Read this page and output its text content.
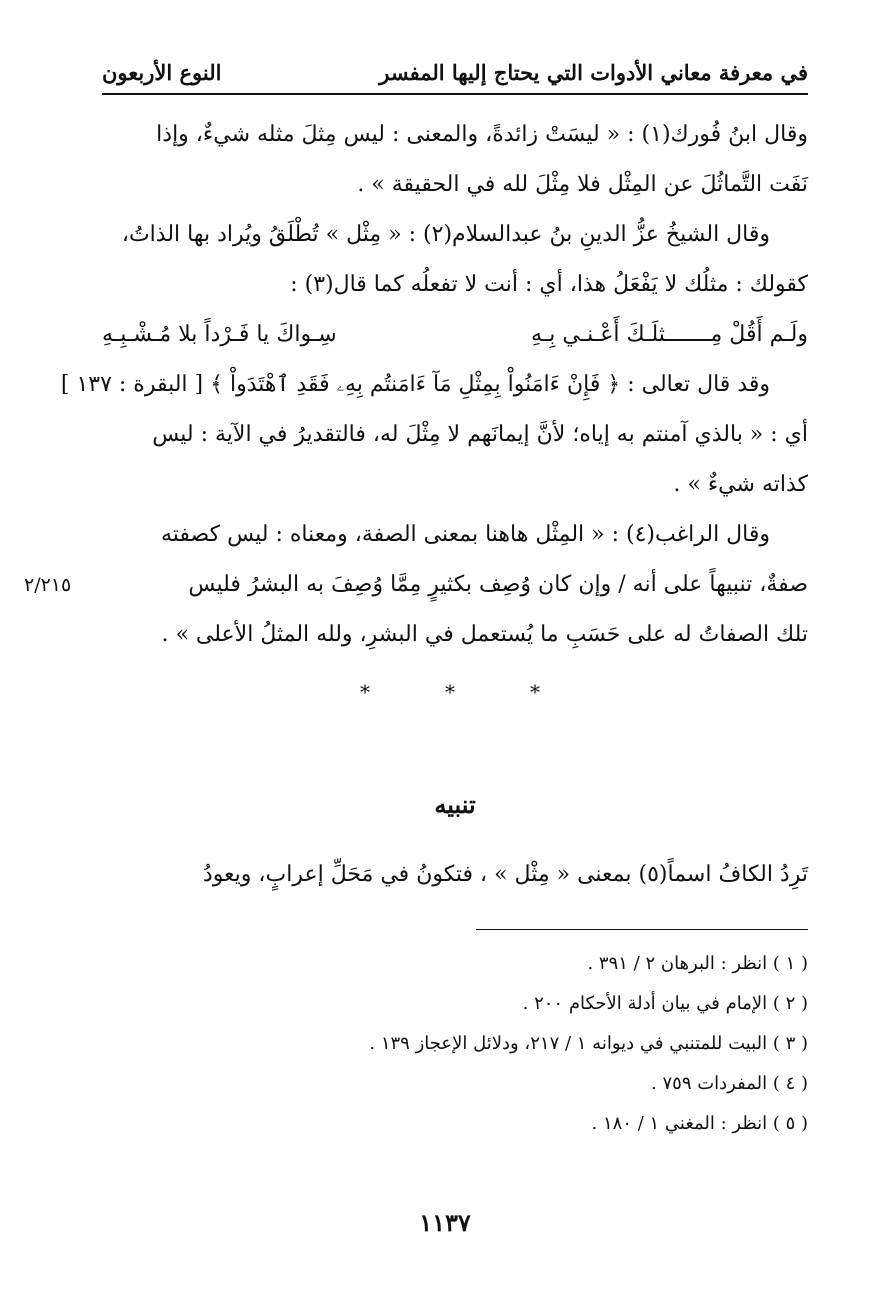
النوع الأربعون	في معرفة معاني الأدوات التي يحتاج إليها المفسر
وقال ابنُ فُورك(١) : « ليسَتْ زائدةً، والمعنى : ليس مِثلَ مثله شيءٌ، وإذا
نَفَت التَّماثُلَ عن المِثْل فلا مِثْلَ لله في الحقيقة » .
وقال الشيخُ عزُّ الدينِ بنُ عبدالسلام(٢) : « مِثْل » تُطْلَقُ ويُراد بها الذاتُ،
كقولك : مثلُك لا يَفْعَلُ هذا، أي : أنت لا تفعلُه كما قال(٣) :
ولَـم أَقُلْ مِـــــــثلَـكَ أَعْـنـي بِـهِ
سِـواكَ يا فَـرْداً بلا مُـشْـبِـهِ
وقد قال تعالى : ﴿ فَإِنْ ءَامَنُواْ بِمِثْلِ مَآ ءَامَنتُم بِهِۦ فَقَدِ ٱهْتَدَواْ ﴾ [ البقرة : ١٣٧ ]
أي : « بالذي آمنتم به إياه؛ لأنَّ إيمانَهم لا مِثْلَ له، فالتقديرُ في الآية : ليس
كذاته شيءٌ » .
وقال الراغب(٤) : « المِثْل هاهنا بمعنى الصفة، ومعناه : ليس كصفته
صفةٌ، تنبيهاً على أنه / وإن كان وُصِف بكثيرٍ مِمَّا وُصِفَ به البشرُ فليس
تلك الصفاتُ له على حَسَبِ ما يُستعمل في البشرِ، ولله المثلُ الأعلى » .
٢/٢١٥
*	*	*
تنبيه
تَرِدُ الكافُ اسماً(٥) بمعنى « مِثْل » ، فتكونُ في مَحَلِّ إعرابٍ، ويعودُ
( ١ ) انظر : البرهان ٢ / ٣٩١ .
( ٢ ) الإمام في بيان أدلة الأحكام ٢٠٠ .
( ٣ ) البيت للمتنبي في ديوانه ١ / ٢١٧، ودلائل الإعجاز ١٣٩ .
( ٤ ) المفردات ٧٥٩ .
( ٥ ) انظر : المغني ١ / ١٨٠ .
١١٣٧
